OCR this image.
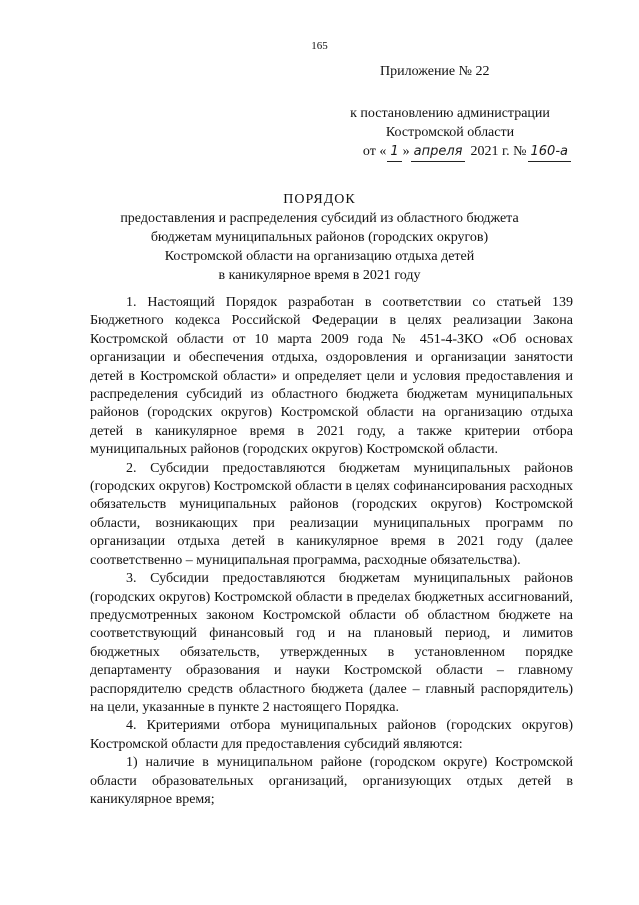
165
Приложение № 22
к постановлению администрации
Костромской области
от « 1 » апреля 2021 г. № 160-а
ПОРЯДОК
предоставления и распределения субсидий из областного бюджета
бюджетам муниципальных районов (городских округов)
Костромской области на организацию отдыха детей
в каникулярное время в 2021 году

1. Настоящий Порядок разработан в соответствии со статьей 139 Бюджетного кодекса Российской Федерации в целях реализации Закона Костромской области от 10 марта 2009 года № 451-4-ЗКО «Об основах организации и обеспечения отдыха, оздоровления и организации занятости детей в Костромской области» и определяет цели и условия предоставления и распределения субсидий из областного бюджета бюджетам муниципальных районов (городских округов) Костромской области на организацию отдыха детей в каникулярное время в 2021 году, а также критерии отбора муниципальных районов (городских округов) Костромской области.

2. Субсидии предоставляются бюджетам муниципальных районов (городских округов) Костромской области в целях софинансирования расходных обязательств муниципальных районов (городских округов) Костромской области, возникающих при реализации муниципальных программ по организации отдыха детей в каникулярное время в 2021 году (далее соответственно – муниципальная программа, расходные обязательства).

3. Субсидии предоставляются бюджетам муниципальных районов (городских округов) Костромской области в пределах бюджетных ассигнований, предусмотренных законом Костромской области об областном бюджете на соответствующий финансовый год и на плановый период, и лимитов бюджетных обязательств, утвержденных в установленном порядке департаменту образования и науки Костромской области – главному распорядителю средств областного бюджета (далее – главный распорядитель) на цели, указанные в пункте 2 настоящего Порядка.

4. Критериями отбора муниципальных районов (городских округов) Костромской области для предоставления субсидий являются:

1) наличие в муниципальном районе (городском округе) Костромской области образовательных организаций, организующих отдых детей в каникулярное время;
